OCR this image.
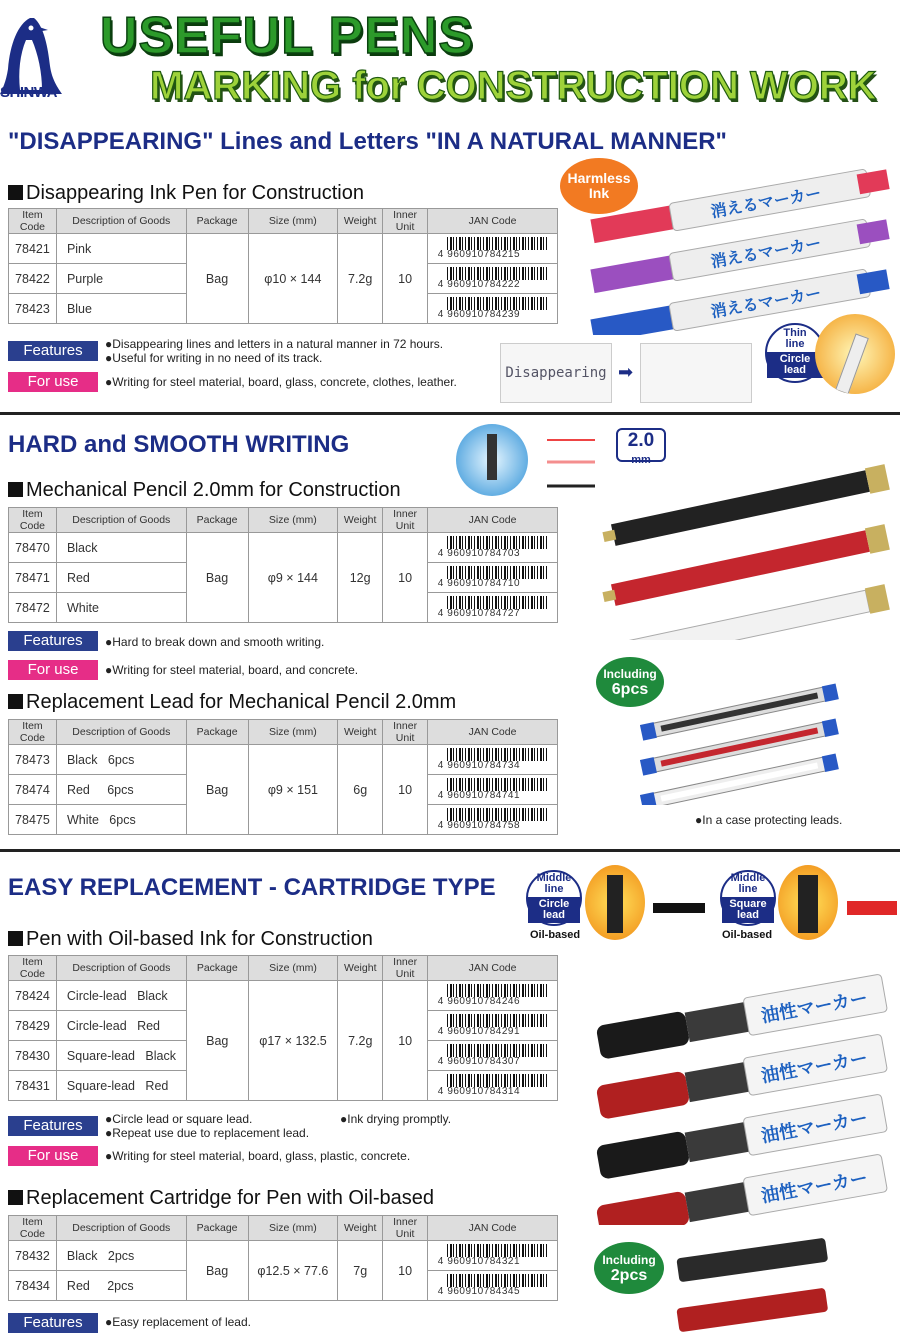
SHINWA
USEFUL PENS
MARKING for CONSTRUCTION WORK
"DISAPPEARING" Lines and Letters "IN A NATURAL MANNER"
Disappearing Ink Pen for Construction
Item Code	Description of Goods	Package	Size (mm)	Weight	Inner Unit	JAN Code
78421	Pink	Bag	φ10 × 144	7.2g	10	4 960910784215

78422	Purple					4 960910784222

78423	Blue					4 960910784239
Features	●Disappearing lines and letters in a natural manner in 72 hours.
●Useful for writing in no need of its track.
For use	●Writing for steel material, board, glass, concrete, clothes, leather.
Harmless Ink	消えるマーカー
消えるマーカー
消えるマーカー
Disappearing ➡
Thin
line
Circle
lead
HARD and SMOOTH WRITING	2.0
mm
Mechanical Pencil 2.0mm for Construction
Item Code	Description of Goods	Package	Size (mm)	Weight	Inner Unit	JAN Code
78470	Black	Bag	φ9 × 144	12g	10	4 960910784703

78471	Red					4 960910784710

78472	White					4 960910784727
Features	●Hard to break down and smooth writing.
For use	●Writing for steel material, board, and concrete.
Replacement Lead for Mechanical Pencil 2.0mm
Item Code	Description of Goods	Package	Size (mm)	Weight	Inner Unit	JAN Code
78473	Black   6pcs	Bag	φ9 × 151	6g	10	4 960910784734

78474	Red     6pcs					4 960910784741

78475	White   6pcs					4 960910784758
Including
6pcs
●In a case protecting leads.
EASY REPLACEMENT - CARTRIDGE TYPE	Middle
line
Circle
lead
Oil-based
Middle
line
Square
lead
Oil-based
Pen with Oil-based Ink for Construction
Item Code	Description of Goods	Package	Size (mm)	Weight	Inner Unit	JAN Code
78424	Circle-lead   Black	Bag	φ17 × 132.5	7.2g	10	4 960910784246

78429	Circle-lead   Red					4 960910784291

78430	Square-lead   Black					4 960910784307

78431	Square-lead   Red					4 960910784314
Features	●Circle lead or square lead.	●Ink drying promptly.
●Repeat use due to replacement lead.
For use	●Writing for steel material, board, glass, plastic, concrete.
油性マーカー
油性マーカー
油性マーカー
油性マーカー
Replacement Cartridge for Pen with Oil-based
Item Code	Description of Goods	Package	Size (mm)	Weight	Inner Unit	JAN Code
78432	Black   2pcs	Bag	φ12.5 × 77.6	7g	10	4 960910784321

78434	Red     2pcs					4 960910784345
Features	●Easy replacement of lead.
Including
2pcs
